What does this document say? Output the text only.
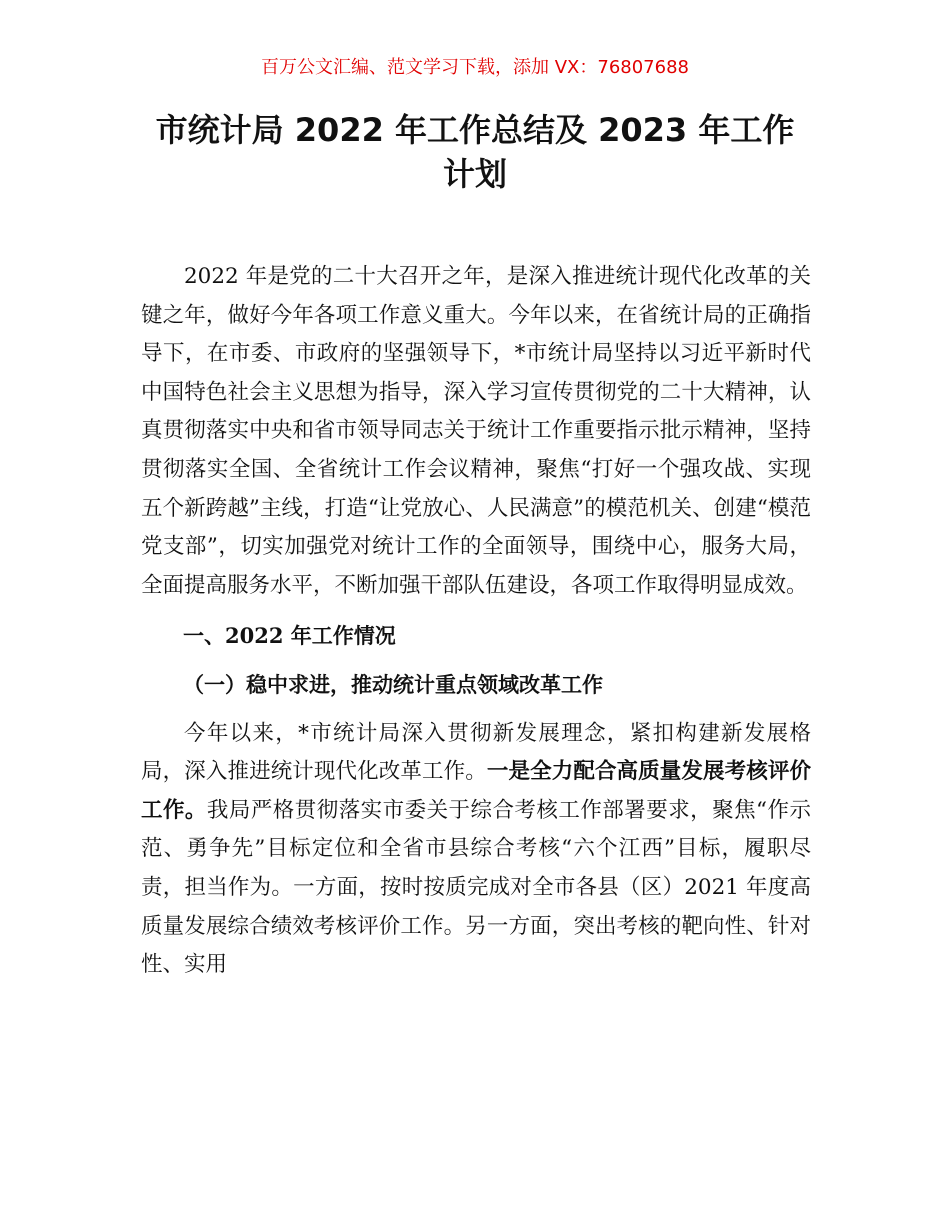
百万公文汇编、范文学习下载，添加 VX：76807688
市统计局 2022 年工作总结及 2023 年工作
计划

2022 年是党的二十大召开之年，是深入推进统计现代化改革的关键之年，做好今年各项工作意义重大。今年以来，在省统计局的正确指导下，在市委、市政府的坚强领导下，*市统计局坚持以习近平新时代中国特色社会主义思想为指导，深入学习宣传贯彻党的二十大精神，认真贯彻落实中央和省市领导同志关于统计工作重要指示批示精神，坚持贯彻落实全国、全省统计工作会议精神，聚焦“打好一个强攻战、实现五个新跨越”主线，打造“让党放心、人民满意”的模范机关、创建“模范党支部”，切实加强党对统计工作的全面领导，围绕中心，服务大局，全面提高服务水平，不断加强干部队伍建设，各项工作取得明显成效。

一、2022 年工作情况

（一）稳中求进，推动统计重点领域改革工作

今年以来，*市统计局深入贯彻新发展理念，紧扣构建新发展格局，深入推进统计现代化改革工作。一是全力配合高质量发展考核评价工作。我局严格贯彻落实市委关于综合考核工作部署要求，聚焦“作示范、勇争先”目标定位和全省市县综合考核“六个江西”目标，履职尽责，担当作为。一方面，按时按质完成对全市各县（区）2021 年度高质量发展综合绩效考核评价工作。另一方面，突出考核的靶向性、针对性、实用
